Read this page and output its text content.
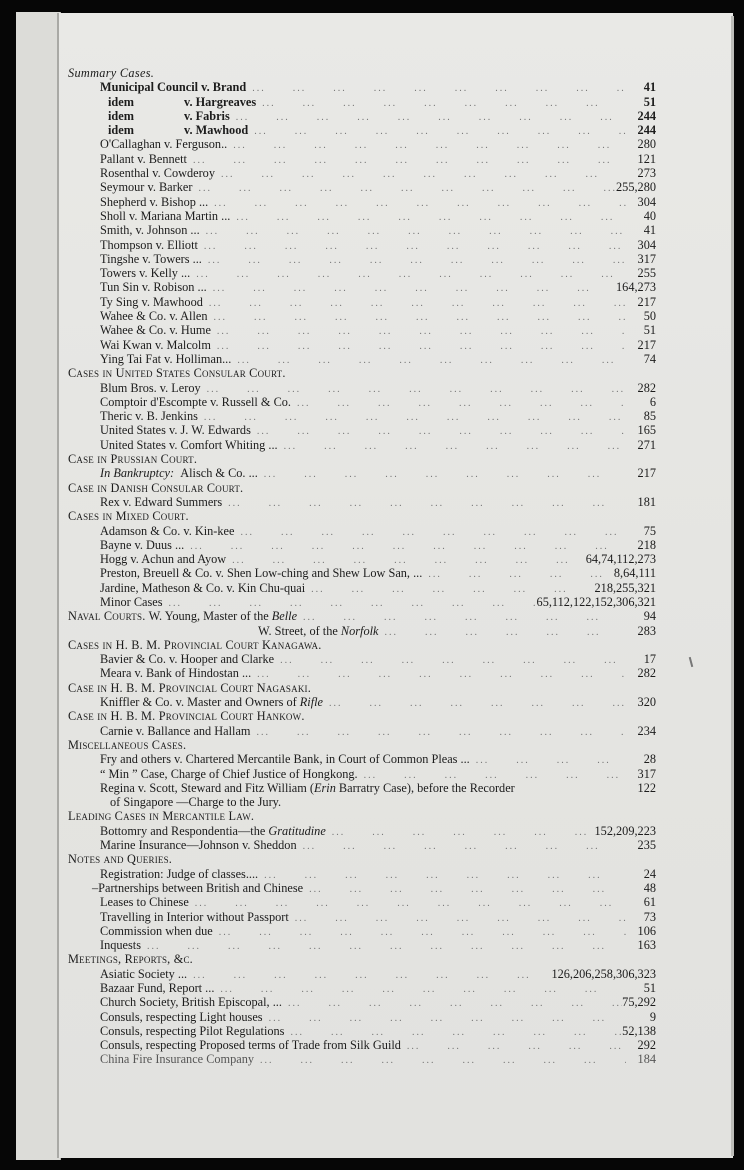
Summary Cases.
Municipal Council v. Brand ...	41
idem	v. Hargreaves ...	51
idem	v. Fabris ...	244
idem	v. Mawhood ...	244
O'Callaghan v. Ferguson.. ...	280
Pallant v. Bennett ...	121
Rosenthal v. Cowderoy ...	273
Seymour v. Barker ...	255,280
Shepherd v. Bishop ... ...	304
Sholl v. Mariana Martin ... ...	40
Smith, v. Johnson ... ...	41
Thompson v. Elliott ...	304
Tingshe v. Towers ... ...	317
Towers v. Kelly ... ...	255
Tun Sin v. Robison ... ...	164,273
Ty Sing v. Mawhood ...	217
Wahee & Co. v. Allen ...	50
Wahee & Co. v. Hume ...	51
Wai Kwan v. Malcolm ...	217
Ying Tai Fat v. Holliman... ...	74
Cases in United States Consular Court.
Blum Bros. v. Leroy ...	282
Comptoir d'Escompte v. Russell & Co. ...	6
Theric v. B. Jenkins ...	85
United States v. J. W. Edwards ...	165
United States v. Comfort Whiting ... ...	271
Case in Prussian Court.
In Bankruptcy:
Alisch & Co. ... ...	217
Case in Danish Consular Court.
Rex v. Edward Summers ...	181
Cases in Mixed Court.
Adamson & Co. v. Kin-kee ...	75
Bayne v. Duus ... ...	218
Hogg v. Achun and Ayow ...	64,74,112,273
Preston, Breuell & Co. v. Shen Low-ching and Shew Low San, ... ...	8,64,111
Jardine, Matheson & Co. v. Kin Chu-quai ...	218,255,321
Minor Cases ...	65,112,122,152,306,321
Naval Courts.
W. Young, Master of the
Belle ...	94
W. Street, of the
Norfolk ...	283
Cases in H. B. M. Provincial Court Kanagawa.
Bavier & Co. v. Hooper and Clarke ...	17
Meara v. Bank of Hindostan ... ...	282
Case in H. B. M. Provincial Court Nagasaki.
Kniffler & Co. v. Master and Owners of
Rifle ...	320
Case in H. B. M. Provincial Court Hankow.
Carnie v. Ballance and Hallam ...	234
Miscellaneous Cases.
Fry and others v. Chartered Mercantile Bank, in Court of Common Pleas ... ...	28
“ Min ” Case, Charge of Chief Justice of Hongkong. ...	317
Regina v. Scott, Steward and Fitz William (Erin Barratry Case), before the Recorder	122
of Singapore —Charge to the Jury.
Leading Cases in Mercantile Law.
Bottomry and Respondentia—the
Gratitudine ...	152,209,223
Marine Insurance—Johnson v. Sheddon ...	235
Notes and Queries.
Registration: Judge of classes.... ...	24
–Partnerships between British and Chinese ...	48
Leases to Chinese ...	61
Travelling in Interior without Passport ...	73
Commission when due ...	106
Inquests ...	163
Meetings, Reports, &c.
Asiatic Society ... ...	126,206,258,306,323
Bazaar Fund, Report ... ...	51
Church Society, British Episcopal, ... ...	75,292
Consuls, respecting Light houses ...	9
Consuls, respecting Pilot Regulations ...	52,138
Consuls, respecting Proposed terms of Trade from Silk Guild ...	292
China Fire Insurance Company ...	184
